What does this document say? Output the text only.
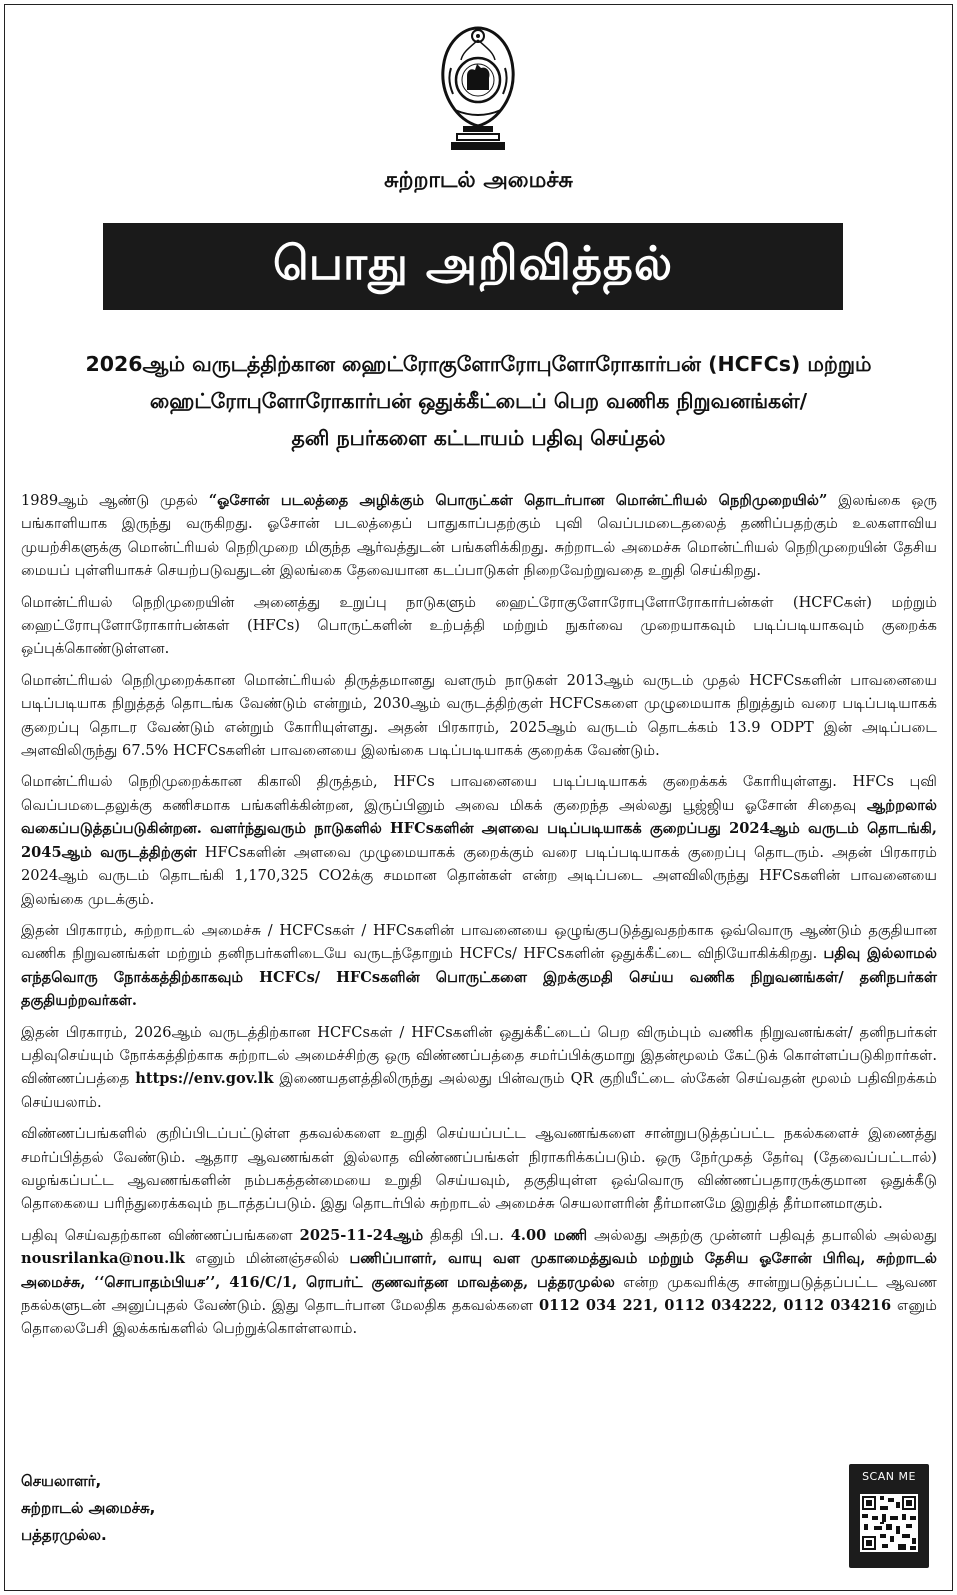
சுற்றாடல் அமைச்சு
பொது அறிவித்தல்
2026ஆம் வருடத்திற்கான ஹைட்ரோகுளோரோபுளோரோகார்பன் (HCFCs) மற்றும்
ஹைட்ரோபுளோரோகார்பன் ஒதுக்கீட்டைப் பெற வணிக நிறுவனங்கள்/
தனி நபர்களை கட்டாயம் பதிவு செய்தல்

1989ஆம் ஆண்டு முதல் “ஓசோன் படலத்தை அழிக்கும் பொருட்கள் தொடர்பான மொன்ட்ரியல் நெறிமுறையில்” இலங்கை ஒரு பங்காளியாக இருந்து வருகிறது. ஓசோன் படலத்தைப் பாதுகாப்பதற்கும் புவி வெப்பமடைதலைத் தணிப்பதற்கும் உலகளாவிய முயற்சிகளுக்கு மொன்ட்ரியல் நெறிமுறை மிகுந்த ஆர்வத்துடன் பங்களிக்கிறது. சுற்றாடல் அமைச்சு மொன்ட்ரியல் நெறிமுறையின் தேசிய மையப் புள்ளியாகச் செயற்படுவதுடன் இலங்கை தேவையான கடப்பாடுகள் நிறைவேற்றுவதை உறுதி செய்கிறது.

மொன்ட்ரியல் நெறிமுறையின் அனைத்து உறுப்பு நாடுகளும் ஹைட்ரோகுளோரோபுளோரோகார்பன்கள் (HCFCகள்) மற்றும் ஹைட்ரோபுளோரோகார்பன்கள் (HFCs) பொருட்களின் உற்பத்தி மற்றும் நுகர்வை முறையாகவும் படிப்படியாகவும் குறைக்க ஒப்புக்கொண்டுள்ளன.

மொன்ட்ரியல் நெறிமுறைக்கான மொன்ட்ரியல் திருத்தமானது வளரும் நாடுகள் 2013ஆம் வருடம் முதல் HCFCsகளின் பாவனையை படிப்படியாக நிறுத்தத் தொடங்க வேண்டும் என்றும், 2030ஆம் வருடத்திற்குள் HCFCsகளை முழுமையாக நிறுத்தும் வரை படிப்படியாகக் குறைப்பு தொடர வேண்டும் என்றும் கோரியுள்ளது. அதன் பிரகாரம், 2025ஆம் வருடம் தொடக்கம் 13.9 ODPT இன் அடிப்படை அளவிலிருந்து 67.5% HCFCsகளின் பாவனையை இலங்கை படிப்படியாகக் குறைக்க வேண்டும்.

மொன்ட்ரியல் நெறிமுறைக்கான கிகாலி திருத்தம், HFCs பாவனையை படிப்படியாகக் குறைக்கக் கோரியுள்ளது. HFCs புவி வெப்பமடைதலுக்கு கணிசமாக பங்களிக்கின்றன, இருப்பினும் அவை மிகக் குறைந்த அல்லது பூஜ்ஜிய ஓசோன் சிதைவு ஆற்றலால் வகைப்படுத்தப்படுகின்றன. வளர்ந்துவரும் நாடுகளில் HFCsகளின் அளவை படிப்படியாகக் குறைப்பது 2024ஆம் வருடம் தொடங்கி, 2045ஆம் வருடத்திற்குள் HFCsகளின் அளவை முழுமையாகக் குறைக்கும் வரை படிப்படியாகக் குறைப்பு தொடரும். அதன் பிரகாரம் 2024ஆம் வருடம் தொடங்கி 1,170,325 CO2க்கு சமமான தொன்கள் என்ற அடிப்படை அளவிலிருந்து HFCsகளின் பாவனையை இலங்கை முடக்கும்.

இதன் பிரகாரம், சுற்றாடல் அமைச்சு / HCFCsகள் / HFCsகளின் பாவனையை ஒழுங்குபடுத்துவதற்காக ஒவ்வொரு ஆண்டும் தகுதியான வணிக நிறுவனங்கள் மற்றும் தனிநபர்களிடையே வருடந்தோறும் HCFCs/ HFCsகளின் ஒதுக்கீட்டை விநியோகிக்கிறது. பதிவு இல்லாமல் எந்தவொரு நோக்கத்திற்காகவும் HCFCs/ HFCsகளின் பொருட்களை இறக்குமதி செய்ய வணிக நிறுவனங்கள்/ தனிநபர்கள் தகுதியற்றவர்கள்.

இதன் பிரகாரம், 2026ஆம் வருடத்திற்கான HCFCsகள் / HFCsகளின் ஒதுக்கீட்டைப் பெற விரும்பும் வணிக நிறுவனங்கள்/ தனிநபர்கள் பதிவுசெய்யும் நோக்கத்திற்காக சுற்றாடல் அமைச்சிற்கு ஒரு விண்ணப்பத்தை சமர்ப்பிக்குமாறு இதன்மூலம் கேட்டுக் கொள்ளப்படுகிறார்கள். விண்ணப்பத்தை https://env.gov.lk இணையதளத்திலிருந்து அல்லது பின்வரும் QR குறியீட்டை ஸ்கேன் செய்வதன் மூலம் பதிவிறக்கம் செய்யலாம்.

விண்ணப்பங்களில் குறிப்பிடப்பட்டுள்ள தகவல்களை உறுதி செய்யப்பட்ட ஆவணங்களை சான்றுபடுத்தப்பட்ட நகல்களைச் இணைத்து சமர்ப்பித்தல் வேண்டும். ஆதார ஆவணங்கள் இல்லாத விண்ணப்பங்கள் நிராகரிக்கப்படும். ஒரு நேர்முகத் தேர்வு (தேவைப்பட்டால்) வழங்கப்பட்ட ஆவணங்களின் நம்பகத்தன்மையை உறுதி செய்யவும், தகுதியுள்ள ஒவ்வொரு விண்ணப்பதாரருக்குமான ஒதுக்கீடு தொகையை பரிந்துரைக்கவும் நடாத்தப்படும். இது தொடர்பில் சுற்றாடல் அமைச்சு செயலாளரின் தீர்மானமே இறுதித் தீர்மானமாகும்.

பதிவு செய்வதற்கான விண்ணப்பங்களை 2025-11-24ஆம் திகதி பி.ப. 4.00 மணி அல்லது அதற்கு முன்னர் பதிவுத் தபாலில் அல்லது nousrilanka@nou.lk எனும் மின்னஞ்சலில் பணிப்பாளர், வாயு வள முகாமைத்துவம் மற்றும் தேசிய ஓசோன் பிரிவு, சுற்றாடல் அமைச்சு, ‘‘சொபாதம்பியச’’, 416/C/1, ரொபர்ட் குணவர்தன மாவத்தை, பத்தரமுல்ல என்ற முகவரிக்கு சான்றுபடுத்தப்பட்ட ஆவண நகல்களுடன் அனுப்புதல் வேண்டும். இது தொடர்பான மேலதிக தகவல்களை 0112 034 221, 0112 034222, 0112 034216 எனும் தொலைபேசி இலக்கங்களில் பெற்றுக்கொள்ளலாம்.

செயலாளர்,
சுற்றாடல் அமைச்சு,
பத்தரமுல்ல.
SCAN ME
